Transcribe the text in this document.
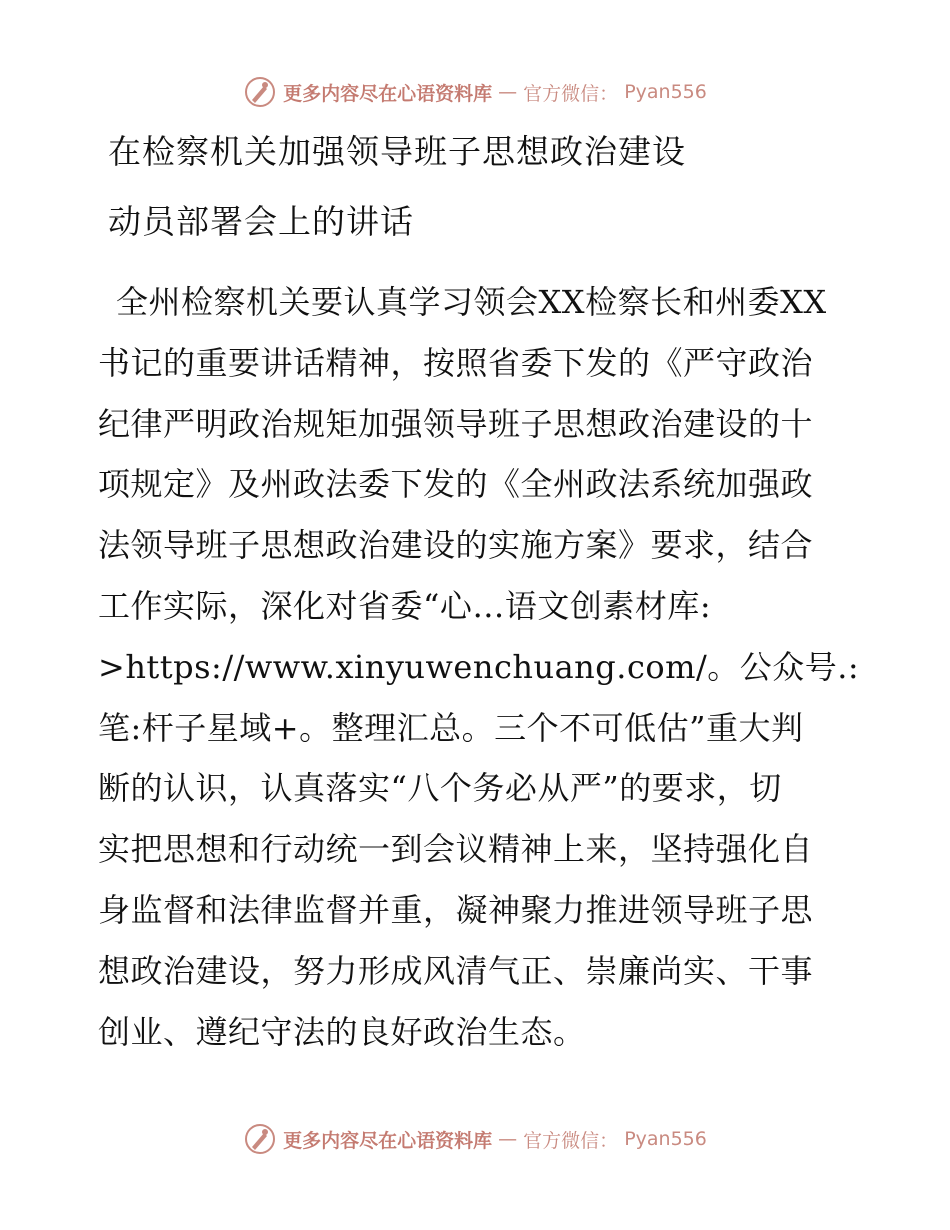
更多内容尽在心语资料库 — 官方微信： Pyan556
在检察机关加强领导班子思想政治建设
动员部署会上的讲话
全州检察机关要认真学习领会XX检察长和州委XX
书记的重要讲话精神，按照省委下发的《严守政治
纪律严明政治规矩加强领导班子思想政治建设的十
项规定》及州政法委下发的《全州政法系统加强政
法领导班子思想政治建设的实施方案》要求，结合
工作实际，深化对省委“心…语文创素材库:
>https://www.xinyuwenchuang.com/。公众号.:
笔:杆子星域+。整理汇总。三个不可低估”重大判
断的认识，认真落实“八个务必从严”的要求，切
实把思想和行动统一到会议精神上来，坚持强化自
身监督和法律监督并重，凝神聚力推进领导班子思
想政治建设，努力形成风清气正、崇廉尚实、干事
创业、遵纪守法的良好政治生态。
更多内容尽在心语资料库 — 官方微信： Pyan556
